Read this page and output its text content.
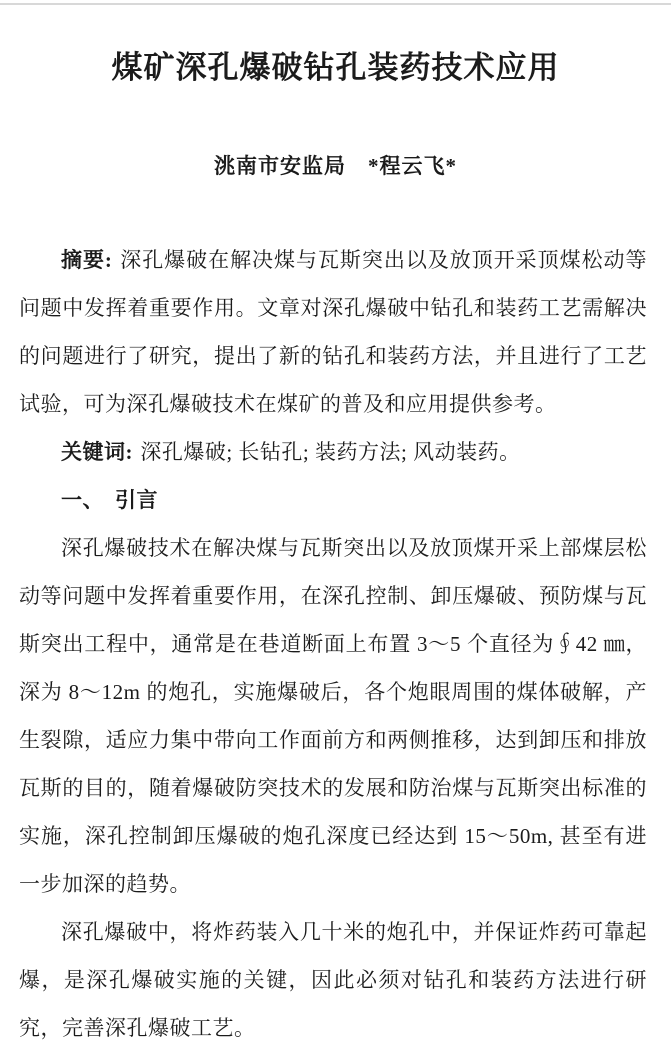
煤矿深孔爆破钻孔装药技术应用
洮南市安监局　*程云飞*

摘要: 深孔爆破在解决煤与瓦斯突出以及放顶开采顶煤松动等问题中发挥着重要作用。文章对深孔爆破中钻孔和装药工艺需解决的问题进行了研究，提出了新的钻孔和装药方法，并且进行了工艺试验，可为深孔爆破技术在煤矿的普及和应用提供参考。

关键词: 深孔爆破; 长钻孔; 装药方法; 风动装药。

一、　引言

深孔爆破技术在解决煤与瓦斯突出以及放顶煤开采上部煤层松动等问题中发挥着重要作用，在深孔控制、卸压爆破、预防煤与瓦斯突出工程中，通常是在巷道断面上布置 3～5 个直径为∮42 ㎜，深为 8～12m 的炮孔，实施爆破后，各个炮眼周围的煤体破解，产生裂隙，适应力集中带向工作面前方和两侧推移，达到卸压和排放瓦斯的目的，随着爆破防突技术的发展和防治煤与瓦斯突出标准的实施，深孔控制卸压爆破的炮孔深度已经达到 15～50m, 甚至有进一步加深的趋势。

深孔爆破中，将炸药装入几十米的炮孔中，并保证炸药可靠起爆，是深孔爆破实施的关键，因此必须对钻孔和装药方法进行研究，完善深孔爆破工艺。
